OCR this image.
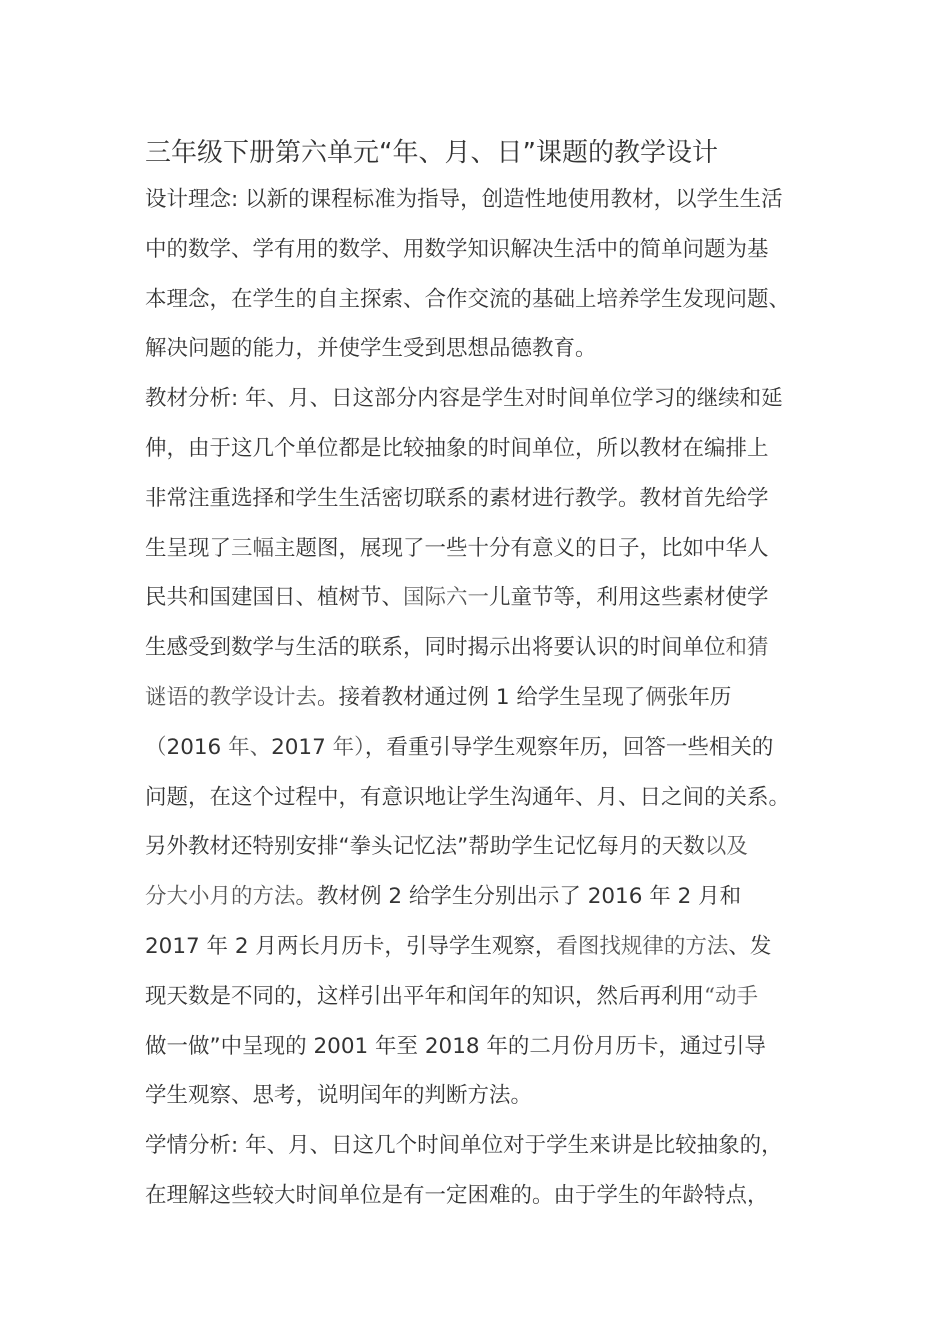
三年级下册第六单元“年、月、日”课题的教学设计
设计理念: 以新的课程标准为指导，创造性地使用教材，以学生生活
中的数学、学有用的数学、用数学知识解决生活中的简单问题为基
本理念，在学生的自主探索、合作交流的基础上培养学生发现问题、
解决问题的能力，并使学生受到思想品德教育。
教材分析: 年、月、日这部分内容是学生对时间单位学习的继续和延
伸，由于这几个单位都是比较抽象的时间单位，所以教材在编排上
非常注重选择和学生生活密切联系的素材进行教学。教材首先给学
生呈现了三幅主题图，展现了一些十分有意义的日子，比如中华人
民共和国建国日、植树节、国际六一儿童节等，利用这些素材使学
生感受到数学与生活的联系，同时揭示出将要认识的时间单位和猜
谜语的教学设计去。接着教材通过例 1 给学生呈现了俩张年历
（2016 年、2017 年），看重引导学生观察年历，回答一些相关的
问题，在这个过程中，有意识地让学生沟通年、月、日之间的关系。
另外教材还特别安排“拳头记忆法”帮助学生记忆每月的天数以及
分大小月的方法。教材例 2 给学生分别出示了 2016 年 2 月和
2017 年 2 月两长月历卡，引导学生观察，看图找规律的方法、发
现天数是不同的，这样引出平年和闰年的知识，然后再利用“动手
做一做”中呈现的 2001 年至 2018 年的二月份月历卡，通过引导
学生观察、思考，说明闰年的判断方法。
学情分析: 年、月、日这几个时间单位对于学生来讲是比较抽象的，
在理解这些较大时间单位是有一定困难的。由于学生的年龄特点，
